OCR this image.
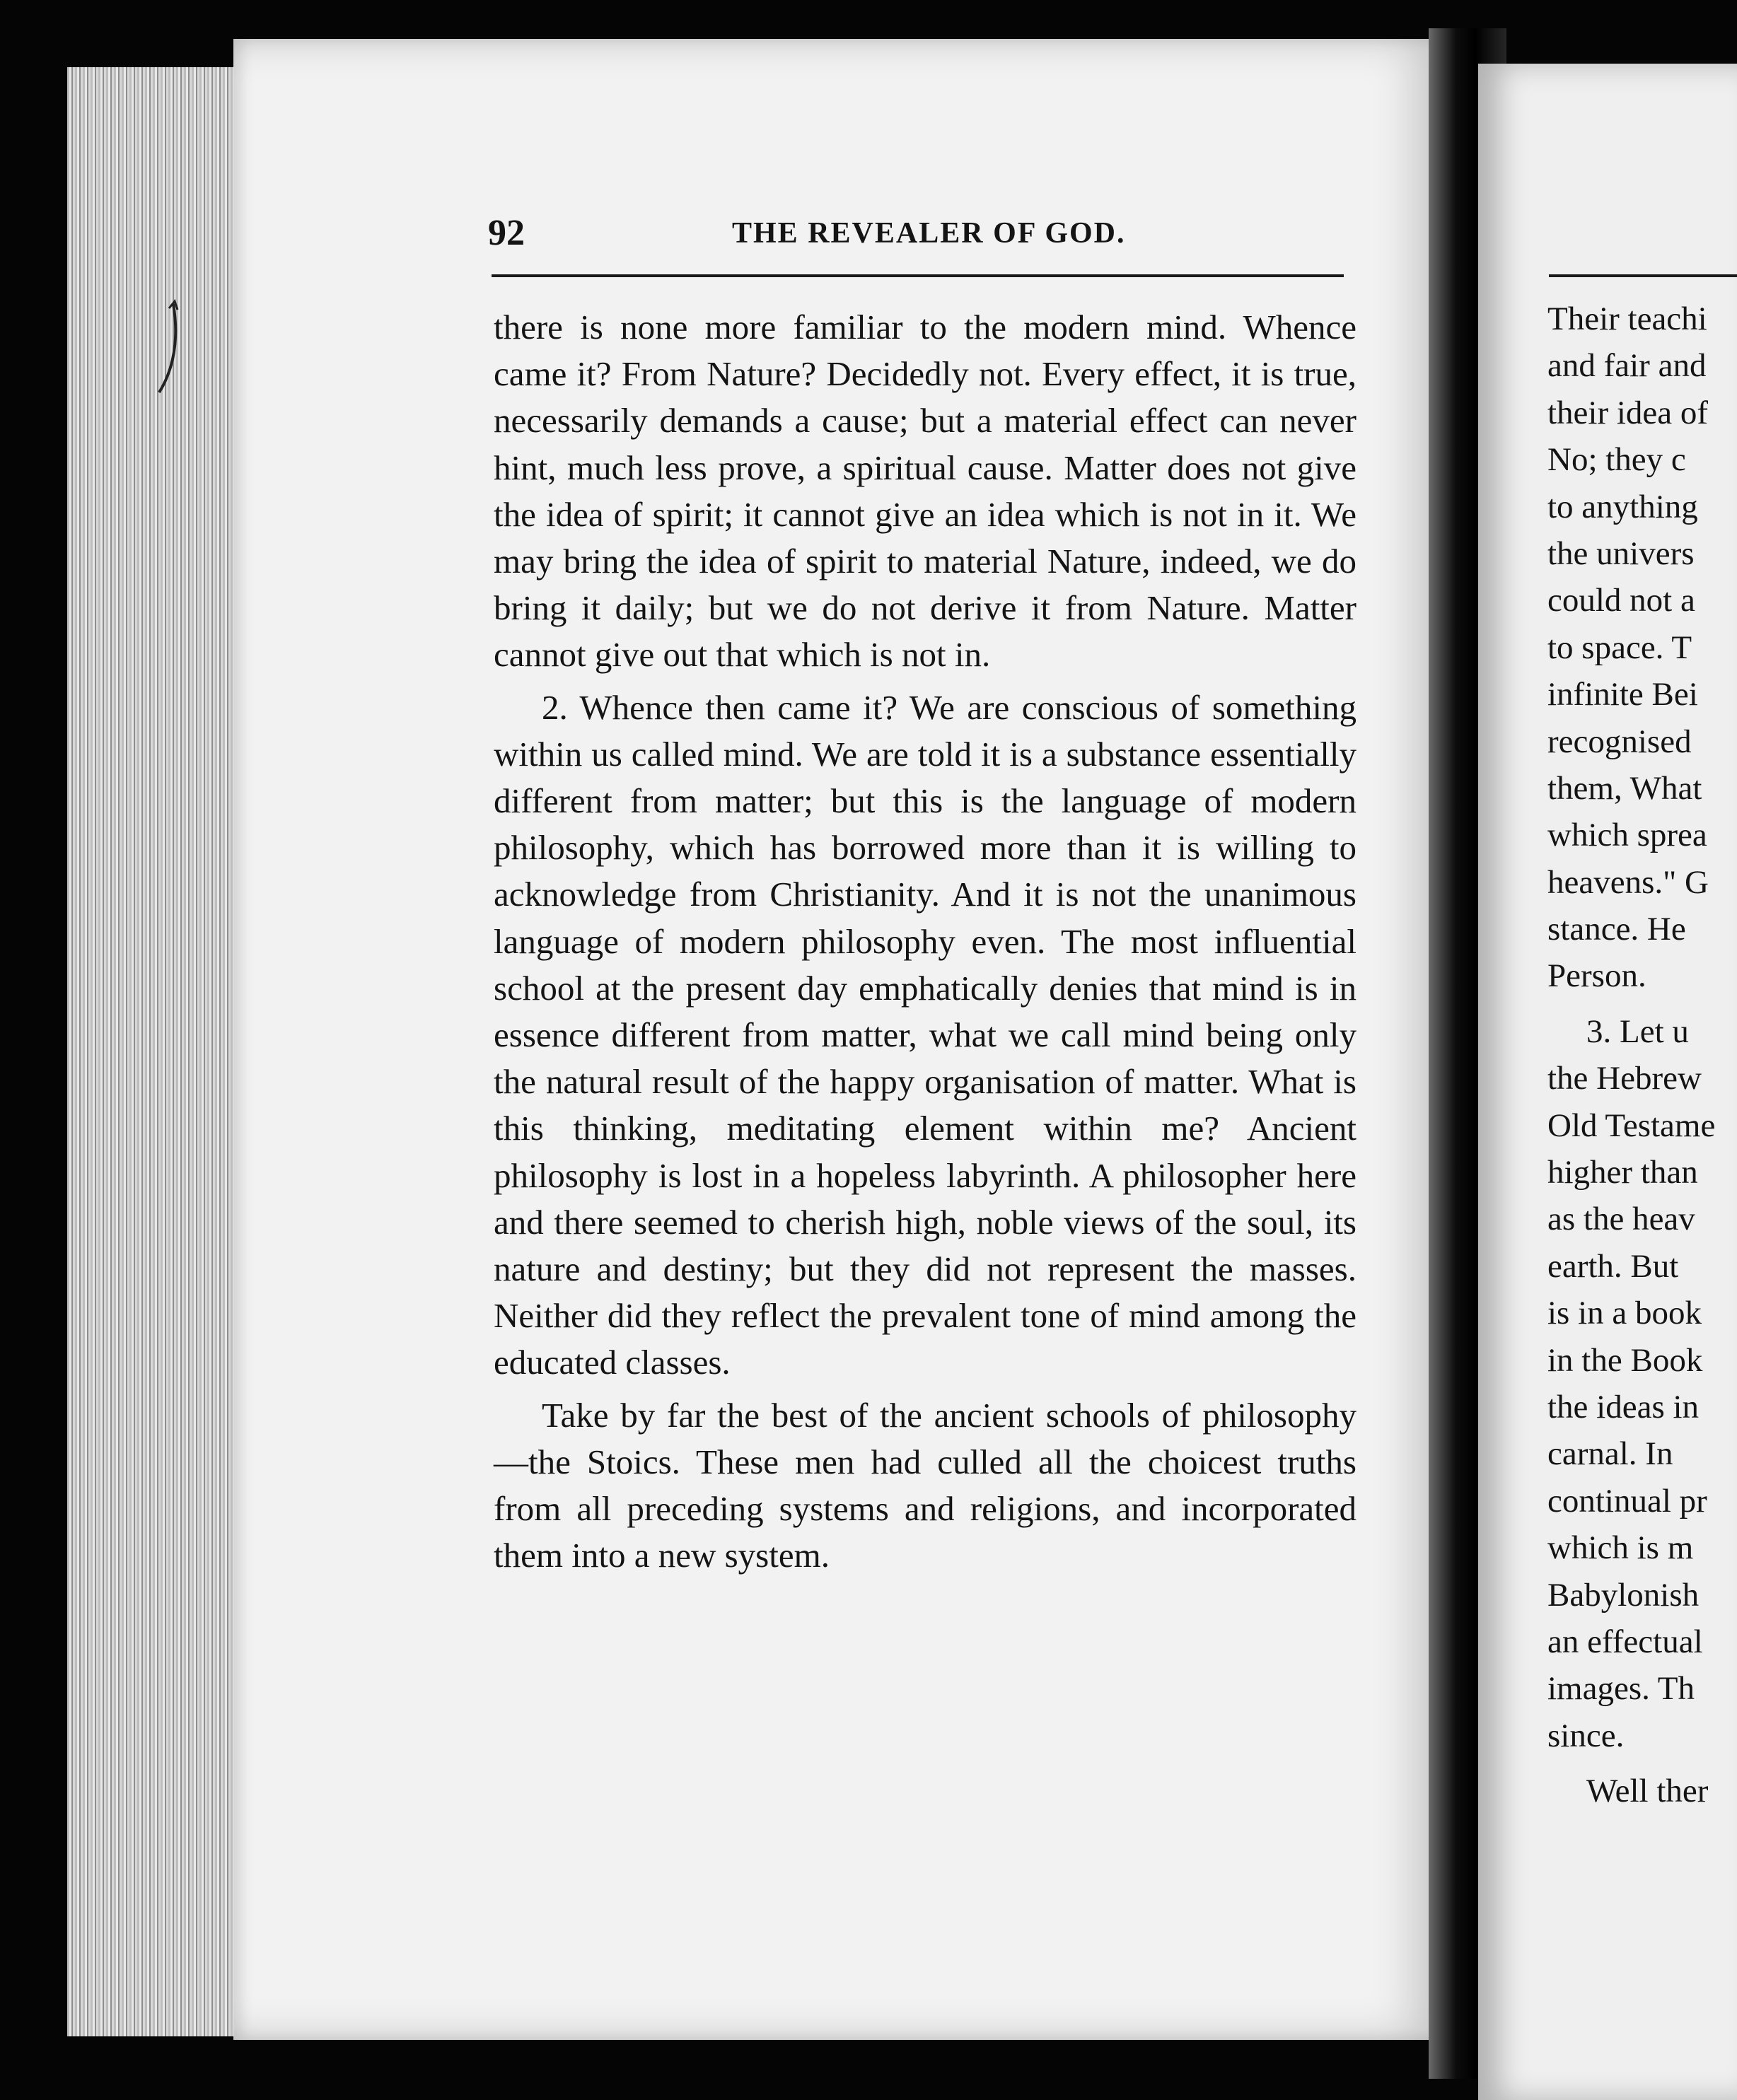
92	THE REVEALER OF GOD.

there is none more familiar to the modern mind. Whence came it? From Nature? Decidedly not. Every effect, it is true, necessarily demands a cause; but a material effect can never hint, much less prove, a spiritual cause. Matter does not give the idea of spirit; it cannot give an idea which is not in it. We may bring the idea of spirit to material Nature, indeed, we do bring it daily; but we do not derive it from Nature. Matter cannot give out that which is not in.

2. Whence then came it? We are conscious of something within us called mind. We are told it is a substance essentially different from matter; but this is the language of modern philosophy, which has borrowed more than it is willing to acknowledge from Christianity. And it is not the unanimous language of modern philosophy even. The most influential school at the present day emphatically denies that mind is in essence different from matter, what we call mind being only the natural result of the happy organisation of matter. What is this thinking, meditating element within me? Ancient philosophy is lost in a hopeless labyrinth. A philosopher here and there seemed to cherish high, noble views of the soul, its nature and destiny; but they did not represent the masses. Neither did they reflect the prevalent tone of mind among the educated classes.

Take by far the best of the ancient schools of philosophy—the Stoics. These men had culled all the choicest truths from all preceding systems and religions, and incorporated them into a new system.

Their teachi
and fair and
their idea of
No; they c
to anything
the univers
could not a
to space. T
infinite Bei
recognised
them, What
which sprea
heavens." G
stance. He
Person.
3. Let u
the Hebrew
Old Testame
higher than
as the heav
earth. But
is in a book
in the Book
the ideas in
carnal. In
continual pr
which is m
Babylonish
an effectual
images. Th
since.
Well ther
